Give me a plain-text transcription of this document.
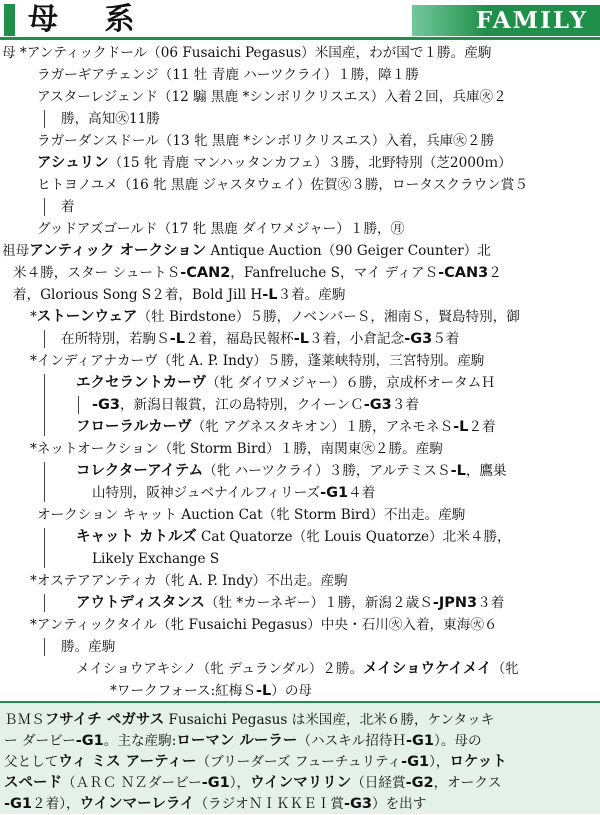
母 系	FAMILY
母 *アンティックドール（06 Fusaichi Pegasus）米国産，わが国で１勝。産駒
ラガーギアチェンジ（11 牡 青鹿 ハーツクライ）１勝，障１勝
アスターレジェンド（12 騸 黒鹿 *シンボリクリスエス）入着２回，兵庫㊋２
勝，高知㊋11勝
ラガーダンスドール（13 牝 黒鹿 *シンボリクリスエス）入着，兵庫㊋２勝
アシュリン（15 牝 青鹿 マンハッタンカフェ）３勝，北野特別（芝2000ｍ）
ヒトヨノユメ（16 牝 黒鹿 ジャスタウェイ）佐賀㊋３勝，ロータスクラウン賞５
着
グッドアズゴールド（17 牝 黒鹿 ダイワメジャー）１勝，㊊
祖母アンティック オークション Antique Auction（90 Geiger Counter）北
米４勝，スター シュートＳ-CAN2，Fanfreluche S，マイ ディアＳ-CAN3２
着，Glorious Song S２着，Bold Jill H-L３着。産駒
*ストーンウェア（牡 Birdstone）５勝，ノベンバーＳ，湘南Ｓ，賢島特別，御
在所特別，若駒Ｓ-L２着，福島民報杯-L３着，小倉記念-G3５着
*インディアナカーヴ（牝 A. P. Indy）５勝，蓬莱峡特別，三宮特別。産駒
エクセラントカーヴ（牝 ダイワメジャー）６勝，京成杯オータムＨ
-G3，新潟日報賞，江の島特別，クイーンＣ-G3３着
フローラルカーヴ（牝 アグネスタキオン）１勝，アネモネＳ-L２着
*ネットオークション（牝 Storm Bird）１勝，南関東㊋２勝。産駒
コレクターアイテム（牝 ハーツクライ）３勝，アルテミスＳ-L，鷹巣
山特別，阪神ジュベナイルフィリーズ-G1４着
オークション キャット Auction Cat（牝 Storm Bird）不出走。産駒
キャット カトルズ Cat Quatorze（牝 Louis Quatorze）北米４勝，
Likely Exchange S
*オステアアンティカ（牝 A. P. Indy）不出走。産駒
アウトディスタンス（牡 *カーネギー）１勝，新潟２歳Ｓ-JPN3３着
*アンティックタイル（牝 Fusaichi Pegasus）中央・石川㊋入着，東海㊋６
勝。産駒
メイショウアキシノ（牝 デュランダル）２勝。メイショウケイメイ（牝
*ワークフォース:紅梅Ｓ-L）の母
ＢＭＳフサイチ ペガサス Fusaichi Pegasus は米国産，北米６勝，ケンタッキ
ー ダービー-G1。主な産駒:ローマン ルーラー（ハスキル招待Ｈ-G1）。母の
父としてウィ ミス アーティー（ブリーダーズ フューチュリティ-G1），ロケット
スペード（ＡＲＣ ＮＺダービー-G1），ウインマリリン（日経賞-G2，オークス
-G1２着），ウインマーレライ（ラジオＮＩＫＫＥＩ賞-G3）を出す
